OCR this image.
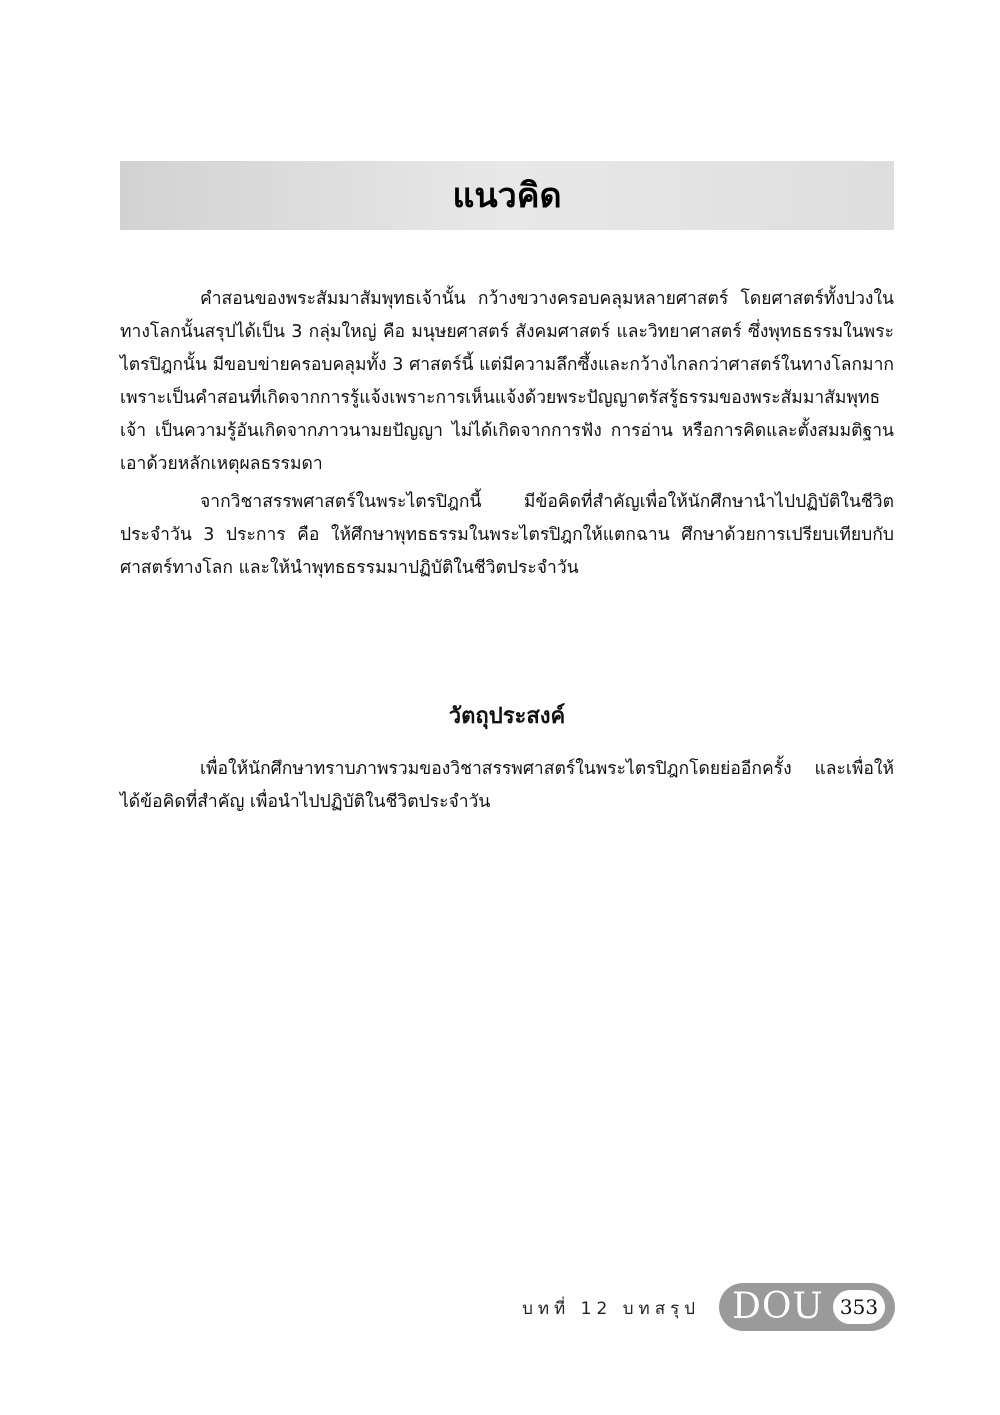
แนวคิด

คำสอนของพระสัมมาสัมพุทธเจ้านั้น กว้างขวางครอบคลุมหลายศาสตร์ โดยศาสตร์ทั้งปวงในทางโลกนั้นสรุปได้เป็น 3 กลุ่มใหญ่ คือ มนุษยศาสตร์ สังคมศาสตร์ และวิทยาศาสตร์ ซึ่งพุทธธรรมในพระไตรปิฎกนั้น มีขอบข่ายครอบคลุมทั้ง 3 ศาสตร์นี้ แต่มีความลึกซึ้งและกว้างไกลกว่าศาสตร์ในทางโลกมาก เพราะเป็นคำสอนที่เกิดจากการรู้แจ้งเพราะการเห็นแจ้งด้วยพระปัญญาตรัสรู้ธรรมของพระสัมมาสัมพุทธเจ้า เป็นความรู้อันเกิดจากภาวนามยปัญญา ไม่ได้เกิดจากการฟัง การอ่าน หรือการคิดและตั้งสมมติฐานเอาด้วยหลักเหตุผลธรรมดา

จากวิชาสรรพศาสตร์ในพระไตรปิฎกนี้ มีข้อคิดที่สำคัญเพื่อให้นักศึกษานำไปปฏิบัติในชีวิตประจำวัน 3 ประการ คือ ให้ศึกษาพุทธธรรมในพระไตรปิฎกให้แตกฉาน ศึกษาด้วยการเปรียบเทียบกับศาสตร์ทางโลก และให้นำพุทธธรรมมาปฏิบัติในชีวิตประจำวัน

วัตถุประสงค์

เพื่อให้นักศึกษาทราบภาพรวมของวิชาสรรพศาสตร์ในพระไตรปิฎกโดยย่ออีกครั้ง และเพื่อให้ได้ข้อคิดที่สำคัญ เพื่อนำไปปฏิบัติในชีวิตประจำวัน

บทที่ 12 บทสรุป DOU 353
